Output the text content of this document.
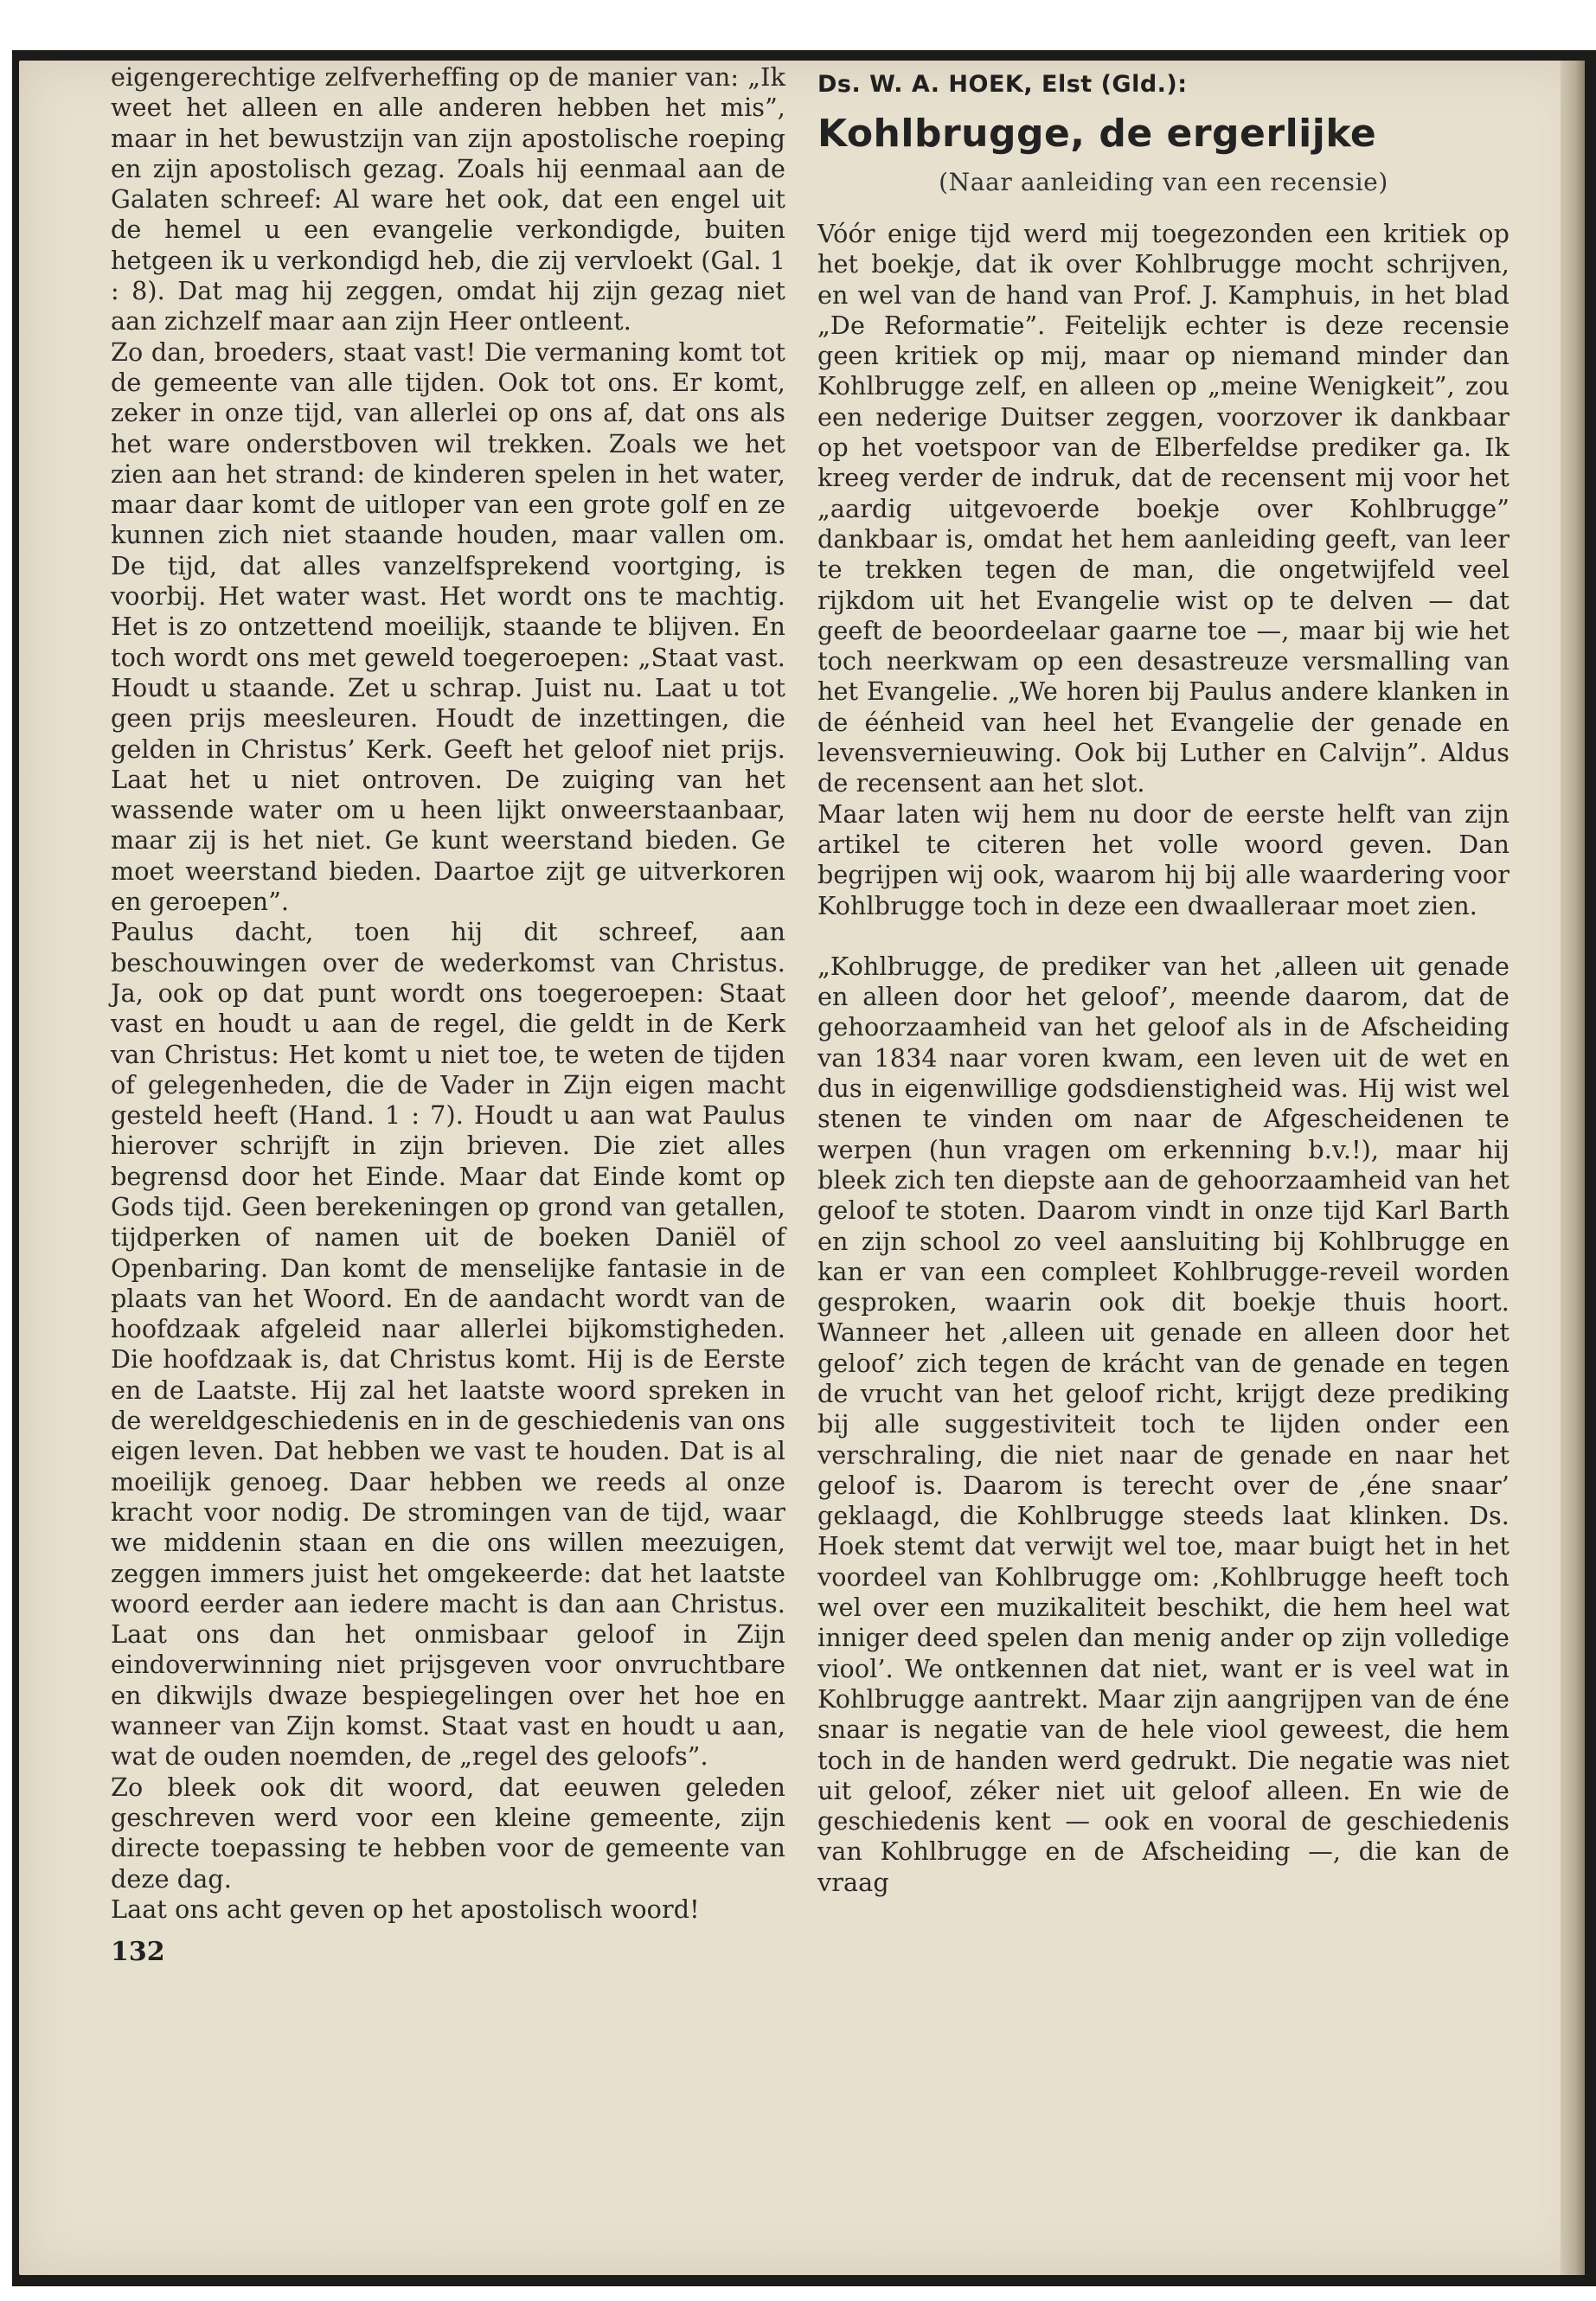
eigengerechtige zelfverheffing op de manier van: „Ik weet het alleen en alle anderen hebben het mis”, maar in het bewustzijn van zijn apostolische roeping en zijn apostolisch gezag. Zoals hij eenmaal aan de Galaten schreef: Al ware het ook, dat een engel uit de hemel u een evangelie verkondigde, buiten hetgeen ik u verkondigd heb, die zij vervloekt (Gal. 1 : 8). Dat mag hij zeggen, omdat hij zijn gezag niet aan zichzelf maar aan zijn Heer ontleent.

Zo dan, broeders, staat vast! Die vermaning komt tot de gemeente van alle tijden. Ook tot ons. Er komt, zeker in onze tijd, van allerlei op ons af, dat ons als het ware onderstboven wil trekken. Zoals we het zien aan het strand: de kinderen spelen in het water, maar daar komt de uitloper van een grote golf en ze kunnen zich niet staande houden, maar vallen om. De tijd, dat alles vanzelfsprekend voortging, is voorbij. Het water wast. Het wordt ons te machtig. Het is zo ontzettend moeilijk, staande te blijven. En toch wordt ons met geweld toegeroepen: „Staat vast. Houdt u staande. Zet u schrap. Juist nu. Laat u tot geen prijs meesleuren. Houdt de inzettingen, die gelden in Christus’ Kerk. Geeft het geloof niet prijs. Laat het u niet ontroven. De zuiging van het wassende water om u heen lijkt onweerstaanbaar, maar zij is het niet. Ge kunt weerstand bieden. Ge moet weerstand bieden. Daartoe zijt ge uitverkoren en geroepen”.

Paulus dacht, toen hij dit schreef, aan beschouwingen over de wederkomst van Christus. Ja, ook op dat punt wordt ons toegeroepen: Staat vast en houdt u aan de regel, die geldt in de Kerk van Christus: Het komt u niet toe, te weten de tijden of gelegenheden, die de Vader in Zijn eigen macht gesteld heeft (Hand. 1 : 7). Houdt u aan wat Paulus hierover schrijft in zijn brieven. Die ziet alles begrensd door het Einde. Maar dat Einde komt op Gods tijd. Geen berekeningen op grond van getallen, tijdperken of namen uit de boeken Daniël of Openbaring. Dan komt de menselijke fantasie in de plaats van het Woord. En de aandacht wordt van de hoofdzaak afgeleid naar allerlei bijkomstigheden. Die hoofdzaak is, dat Christus komt. Hij is de Eerste en de Laatste. Hij zal het laatste woord spreken in de wereldgeschiedenis en in de geschiedenis van ons eigen leven. Dat hebben we vast te houden. Dat is al moeilijk genoeg. Daar hebben we reeds al onze kracht voor nodig. De stromingen van de tijd, waar we middenin staan en die ons willen meezuigen, zeggen immers juist het omgekeerde: dat het laatste woord eerder aan iedere macht is dan aan Christus. Laat ons dan het onmisbaar geloof in Zijn eindoverwinning niet prijsgeven voor onvruchtbare en dikwijls dwaze bespiegelingen over het hoe en wanneer van Zijn komst. Staat vast en houdt u aan, wat de ouden noemden, de „regel des geloofs”.

Zo bleek ook dit woord, dat eeuwen geleden geschreven werd voor een kleine gemeente, zijn directe toepassing te hebben voor de gemeente van deze dag.

Laat ons acht geven op het apostolisch woord!

132
Ds. W. A. HOEK, Elst (Gld.):
Kohlbrugge, de ergerlijke
(Naar aanleiding van een recensie)

Vóór enige tijd werd mij toegezonden een kritiek op het boekje, dat ik over Kohlbrugge mocht schrijven, en wel van de hand van Prof. J. Kamphuis, in het blad „De Reformatie”. Feitelijk echter is deze recensie geen kritiek op mij, maar op niemand minder dan Kohlbrugge zelf, en alleen op „meine Wenigkeit”, zou een nederige Duitser zeggen, voorzover ik dankbaar op het voetspoor van de Elberfeldse prediker ga. Ik kreeg verder de indruk, dat de recensent mij voor het „aardig uitgevoerde boekje over Kohlbrugge” dankbaar is, omdat het hem aanleiding geeft, van leer te trekken tegen de man, die ongetwijfeld veel rijkdom uit het Evangelie wist op te delven — dat geeft de beoordeelaar gaarne toe —, maar bij wie het toch neerkwam op een desastreuze versmalling van het Evangelie. „We horen bij Paulus andere klanken in de éénheid van heel het Evangelie der genade en levensvernieuwing. Ook bij Luther en Calvijn”. Aldus de recensent aan het slot.

Maar laten wij hem nu door de eerste helft van zijn artikel te citeren het volle woord geven. Dan begrijpen wij ook, waarom hij bij alle waardering voor Kohlbrugge toch in deze een dwaalleraar moet zien.

„Kohlbrugge, de prediker van het ‚alleen uit genade en alleen door het geloof’, meende daarom, dat de gehoorzaamheid van het geloof als in de Afscheiding van 1834 naar voren kwam, een leven uit de wet en dus in eigenwillige godsdienstigheid was. Hij wist wel stenen te vinden om naar de Afgescheidenen te werpen (hun vragen om erkenning b.v.!), maar hij bleek zich ten diepste aan de gehoorzaamheid van het geloof te stoten. Daarom vindt in onze tijd Karl Barth en zijn school zo veel aansluiting bij Kohlbrugge en kan er van een compleet Kohlbrugge-reveil worden gesproken, waarin ook dit boekje thuis hoort. Wanneer het ‚alleen uit genade en alleen door het geloof’ zich tegen de krácht van de genade en tegen de vrucht van het geloof richt, krijgt deze prediking bij alle suggestiviteit toch te lijden onder een verschraling, die niet naar de genade en naar het geloof is. Daarom is terecht over de ‚éne snaar’ geklaagd, die Kohlbrugge steeds laat klinken. Ds. Hoek stemt dat verwijt wel toe, maar buigt het in het voordeel van Kohlbrugge om: ‚Kohlbrugge heeft toch wel over een muzikaliteit beschikt, die hem heel wat inniger deed spelen dan menig ander op zijn volledige viool’. We ontkennen dat niet, want er is veel wat in Kohlbrugge aantrekt. Maar zijn aangrijpen van de éne snaar is negatie van de hele viool geweest, die hem toch in de handen werd gedrukt. Die negatie was niet uit geloof, zéker niet uit geloof alleen. En wie de geschiedenis kent — ook en vooral de geschiedenis van Kohlbrugge en de Afscheiding —, die kan de vraag
